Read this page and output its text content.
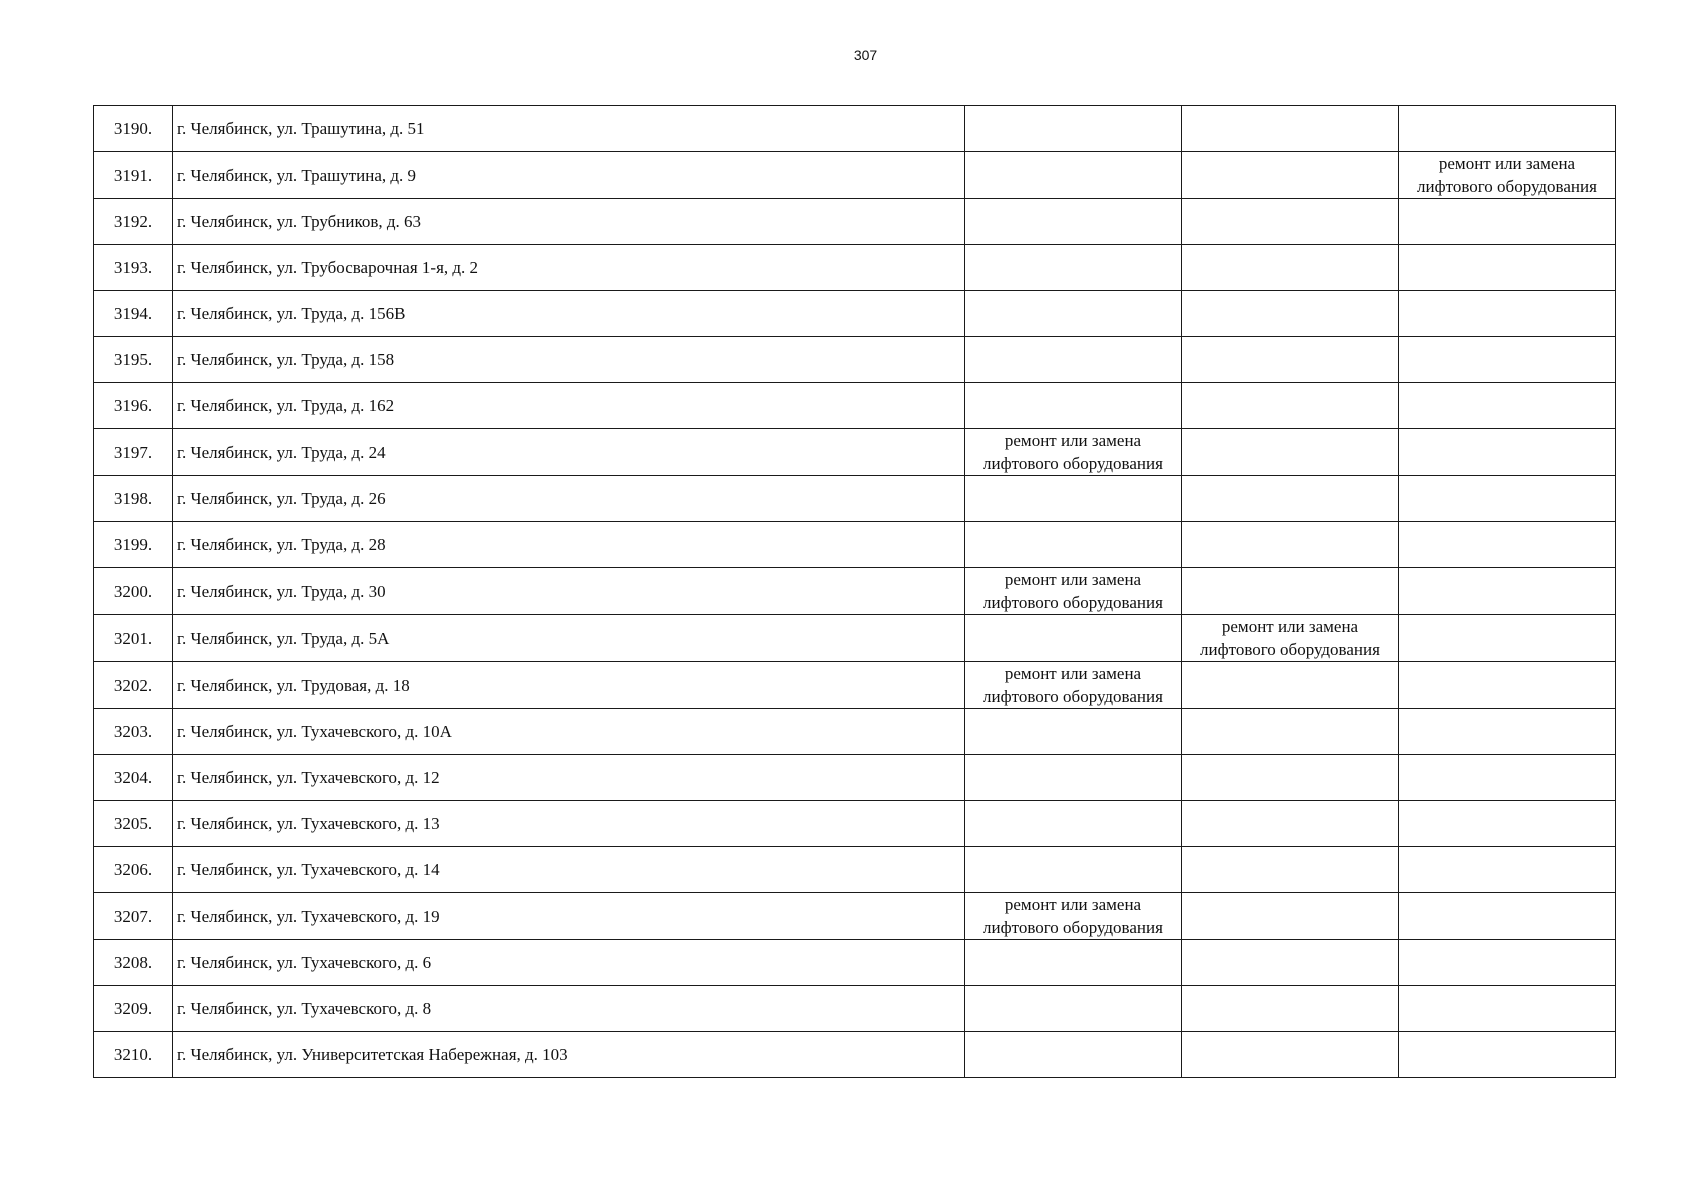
307
3190.	г. Челябинск, ул. Трашутина, д. 51			
3191.	г. Челябинск, ул. Трашутина, д. 9			ремонт или замена лифтового оборудования
3192.	г. Челябинск, ул. Трубников, д. 63			
3193.	г. Челябинск, ул. Трубосварочная 1-я, д. 2			
3194.	г. Челябинск, ул. Труда, д. 156В			
3195.	г. Челябинск, ул. Труда, д. 158			
3196.	г. Челябинск, ул. Труда, д. 162			
3197.	г. Челябинск, ул. Труда, д. 24	ремонт или замена лифтового оборудования		
3198.	г. Челябинск, ул. Труда, д. 26			
3199.	г. Челябинск, ул. Труда, д. 28			
3200.	г. Челябинск, ул. Труда, д. 30	ремонт или замена лифтового оборудования		
3201.	г. Челябинск, ул. Труда, д. 5А		ремонт или замена лифтового оборудования	
3202.	г. Челябинск, ул. Трудовая, д. 18	ремонт или замена лифтового оборудования		
3203.	г. Челябинск, ул. Тухачевского, д. 10А			
3204.	г. Челябинск, ул. Тухачевского, д. 12			
3205.	г. Челябинск, ул. Тухачевского, д. 13			
3206.	г. Челябинск, ул. Тухачевского, д. 14			
3207.	г. Челябинск, ул. Тухачевского, д. 19	ремонт или замена лифтового оборудования		
3208.	г. Челябинск, ул. Тухачевского, д. 6			
3209.	г. Челябинск, ул. Тухачевского, д. 8			
3210.	г. Челябинск, ул. Университетская Набережная, д. 103			
